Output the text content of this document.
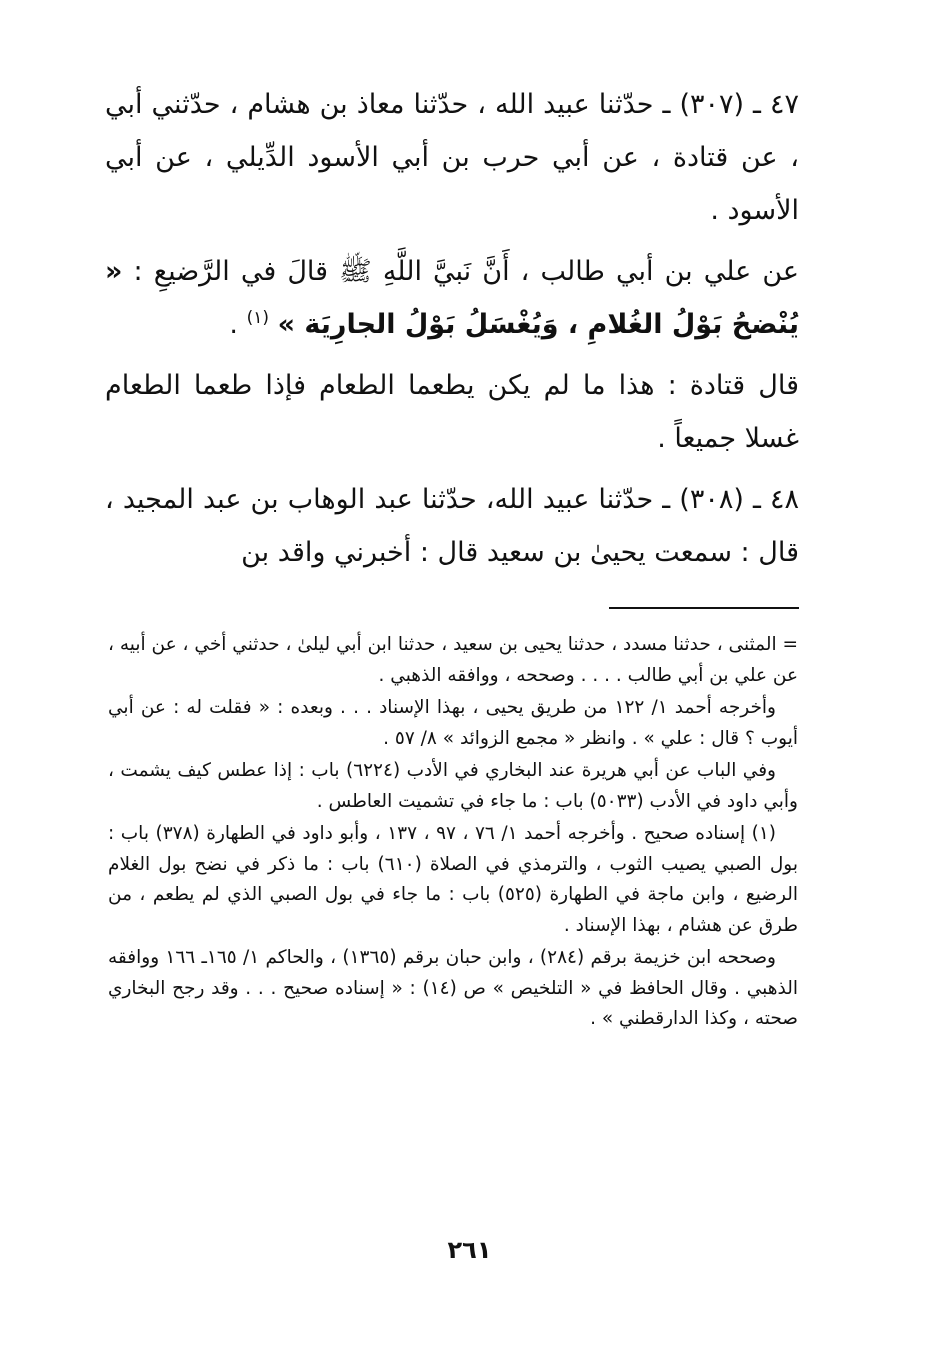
٤٧ ـ (٣٠٧) ـ حدّثنا عبيد الله ، حدّثنا معاذ بن هشام ، حدّثني أبي ، عن قتادة ، عن أبي حرب بن أبي الأسود الدِّيلي ، عن أبي الأسود .

عن علي بن أبي طالب ، أَنَّ نَبيَّ اللَّهِ ﷺ قالَ في الرَّضيعِ : « يُنْضحُ بَوْلُ الغُلامِ ، وَيُغْسَلُ بَوْلُ الجارِيَة » $^{(١)}$ .

قال قتادة : هذا ما لم يكن يطعما الطعام فإذا طعما الطعام غسلا جميعاً .

٤٨ ـ (٣٠٨) ـ حدّثنا عبيد الله، حدّثنا عبد الوهاب بن عبد المجيد ، قال : سمعت يحيىٰ بن سعيد قال : أخبرني واقد بن

= المثنى ، حدثنا مسدد ، حدثنا يحيى بن سعيد ، حدثنا ابن أبي ليلىٰ ، حدثني أخي ، عن أبيه ، عن علي بن أبي طالب . . . . وصححه ، ووافقه الذهبي .

وأخرجه أحمد ١/ ١٢٢ من طريق يحيى ، بهذا الإسناد . . . وبعده : « فقلت له : عن أبي أيوب ؟ قال : علي » . وانظر « مجمع الزوائد » ٨/ ٥٧ .

وفي الباب عن أبي هريرة عند البخاري في الأدب (٦٢٢٤) باب : إذا عطس كيف يشمت ، وأبي داود في الأدب (٥٠٣٣) باب : ما جاء في تشميت العاطس .

(١) إسناده صحيح . وأخرجه أحمد ١/ ٧٦ ، ٩٧ ، ١٣٧ ، وأبو داود في الطهارة (٣٧٨) باب : بول الصبي يصيب الثوب ، والترمذي في الصلاة (٦١٠) باب : ما ذكر في نضح بول الغلام الرضيع ، وابن ماجة في الطهارة (٥٢٥) باب : ما جاء في بول الصبي الذي لم يطعم ، من طرق عن هشام ، بهذا الإسناد .

وصححه ابن خزيمة برقم (٢٨٤) ، وابن حبان برقم (١٣٦٥) ، والحاكم ١/ ١٦٥ـ ١٦٦ ووافقه الذهبي . وقال الحافظ في « التلخيص » ص (١٤) : « إسناده صحيح . . . وقد رجح البخاري صحته ، وكذا الدارقطني » .

٢٦١
